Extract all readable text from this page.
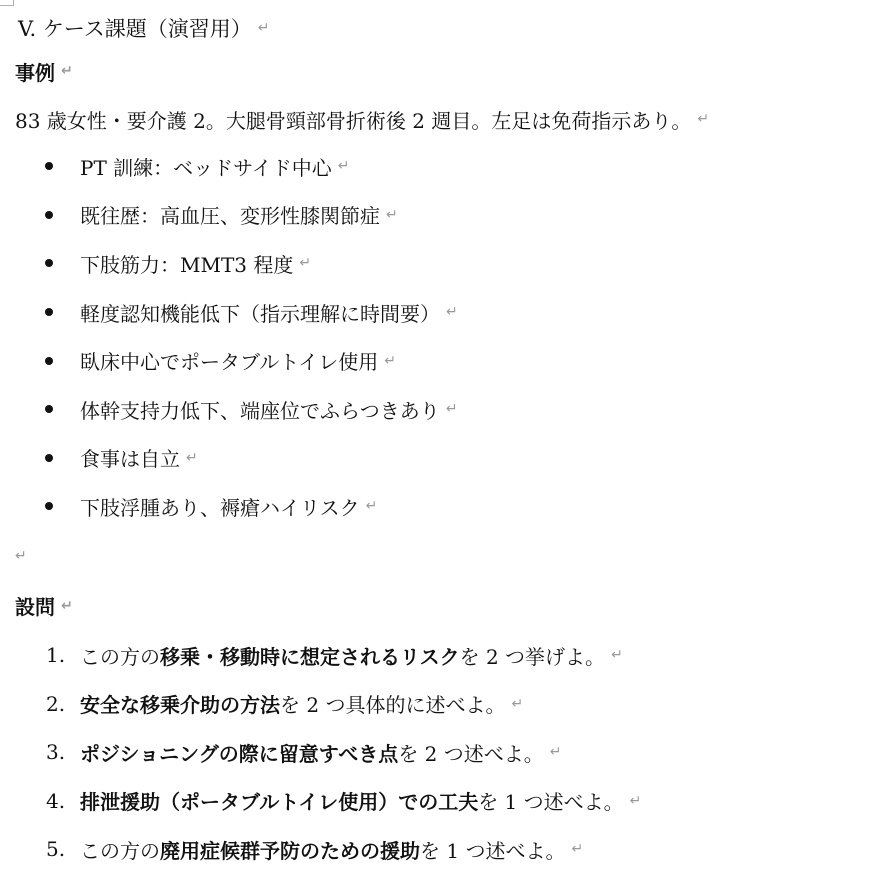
V. ケース課題（演習用） ↵
事例 ↵
83 歳女性・要介護 2。大腿骨頸部骨折術後 2 週目。左足は免荷指示あり。 ↵
PT 訓練：ベッドサイド中心 ↵
既往歴：高血圧、変形性膝関節症 ↵
下肢筋力：MMT3 程度 ↵
軽度認知機能低下（指示理解に時間要） ↵
臥床中心でポータブルトイレ使用 ↵
体幹支持力低下、端座位でふらつきあり ↵
食事は自立 ↵
下肢浮腫あり、褥瘡ハイリスク ↵
↵
設問 ↵
1. この方の 移乗・移動時に想定されるリスク を 2 つ挙げよ。 ↵
2. 安全な移乗介助の方法 を 2 つ具体的に述べよ。 ↵
3. ポジショニングの際に留意すべき点 を 2 つ述べよ。 ↵
4. 排泄援助（ポータブルトイレ使用）での工夫 を 1 つ述べよ。 ↵
5. この方の 廃用症候群予防のための援助 を 1 つ述べよ。 ↵
